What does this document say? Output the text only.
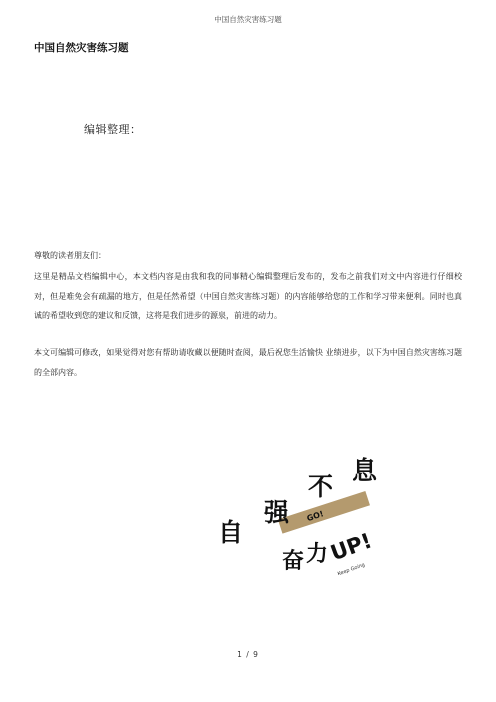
中国自然灾害练习题
中国自然灾害练习题
编辑整理：
尊敬的读者朋友们：
这里是精品文档编辑中心，本文档内容是由我和我的同事精心编辑整理后发布的，发布之前我们对文中内容进行仔细校对，但是难免会有疏漏的地方，但是任然希望（中国自然灾害练习题）的内容能够给您的工作和学习带来便利。同时也真诚的希望收到您的建议和反馈，这将是我们进步的源泉，前进的动力。
本文可编辑可修改，如果觉得对您有帮助请收藏以便随时查阅，最后祝您生活愉快 业绩进步，以下为中国自然灾害练习题的全部内容。
GO!
自 强 不 息
奋 力 UP!
Keep Going
1 / 9
